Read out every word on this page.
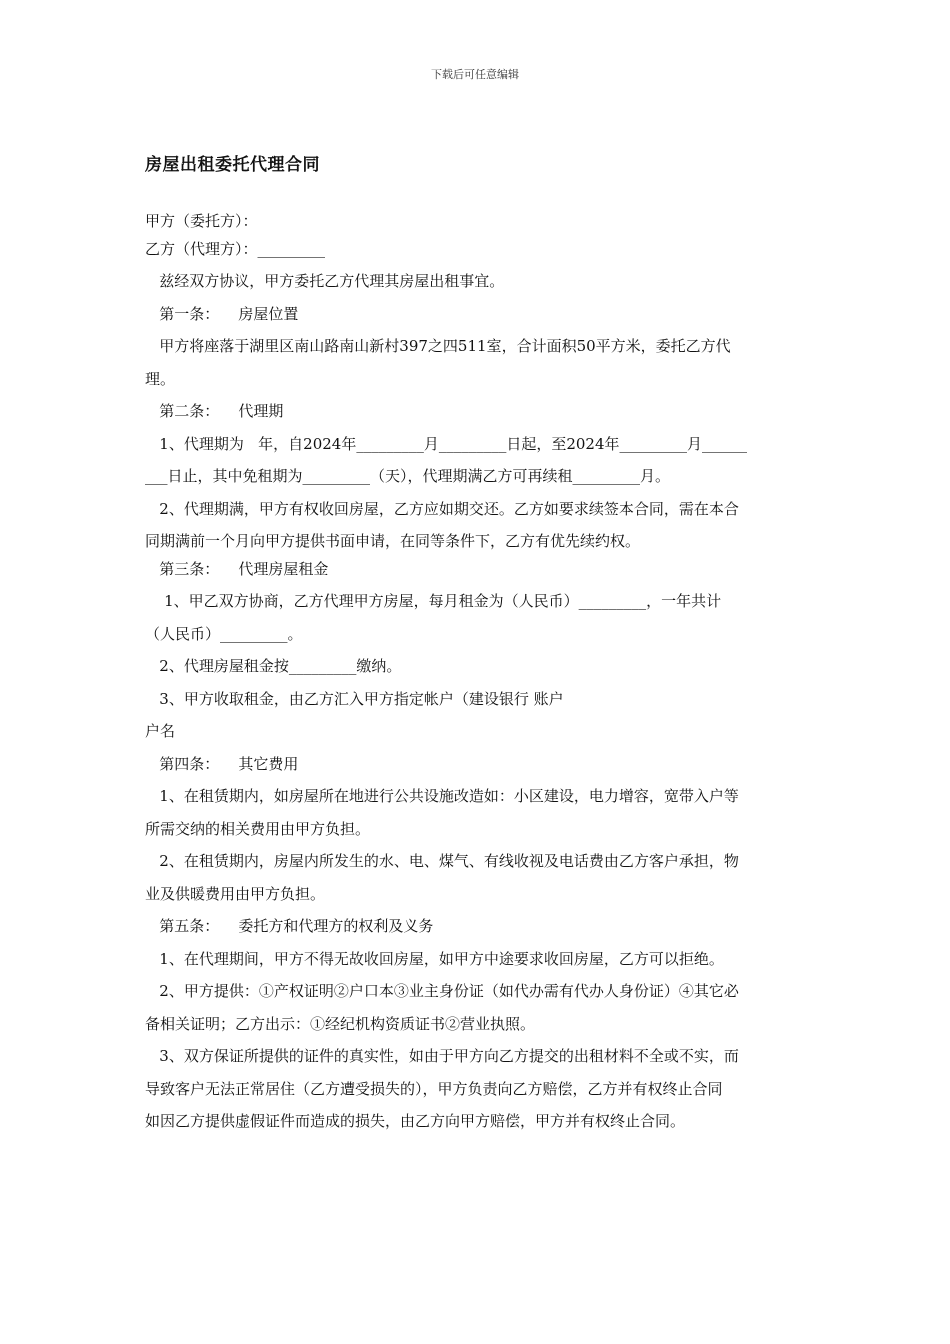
下载后可任意编辑
房屋出租委托代理合同
甲方（委托方）：
乙方（代理方）：_________
兹经双方协议，甲方委托乙方代理其房屋出租事宜。
第一条：    房屋位置
甲方将座落于湖里区南山路南山新村397之四511室，合计面积50平方米，委托乙方代
理。
第二条：    代理期
1、代理期为   年，自2024年_________月_________日起，至2024年_________月______
___日止，其中免租期为_________（天），代理期满乙方可再续租_________月。
2、代理期满，甲方有权收回房屋，乙方应如期交还。乙方如要求续签本合同，需在本合
同期满前一个月向甲方提供书面申请，在同等条件下，乙方有优先续约权。
第三条：    代理房屋租金
1、甲乙双方协商，乙方代理甲方房屋，每月租金为（人民币）_________，一年共计
（人民币）_________。
2、代理房屋租金按_________缴纳。
3、甲方收取租金，由乙方汇入甲方指定帐户（建设银行 账户
户名
第四条：    其它费用
1、在租赁期内，如房屋所在地进行公共设施改造如：小区建设，电力增容，宽带入户等
所需交纳的相关费用由甲方负担。
2、在租赁期内，房屋内所发生的水、电、煤气、有线收视及电话费由乙方客户承担，物
业及供暖费用由甲方负担。
第五条：    委托方和代理方的权利及义务
1、在代理期间，甲方不得无故收回房屋，如甲方中途要求收回房屋，乙方可以拒绝。
2、甲方提供：①产权证明②户口本③业主身份证（如代办需有代办人身份证）④其它必
备相关证明；乙方出示：①经纪机构资质证书②营业执照。
3、双方保证所提供的证件的真实性，如由于甲方向乙方提交的出租材料不全或不实，而
导致客户无法正常居住（乙方遭受损失的），甲方负责向乙方赔偿，乙方并有权终止合同
如因乙方提供虚假证件而造成的损失，由乙方向甲方赔偿，甲方并有权终止合同。
